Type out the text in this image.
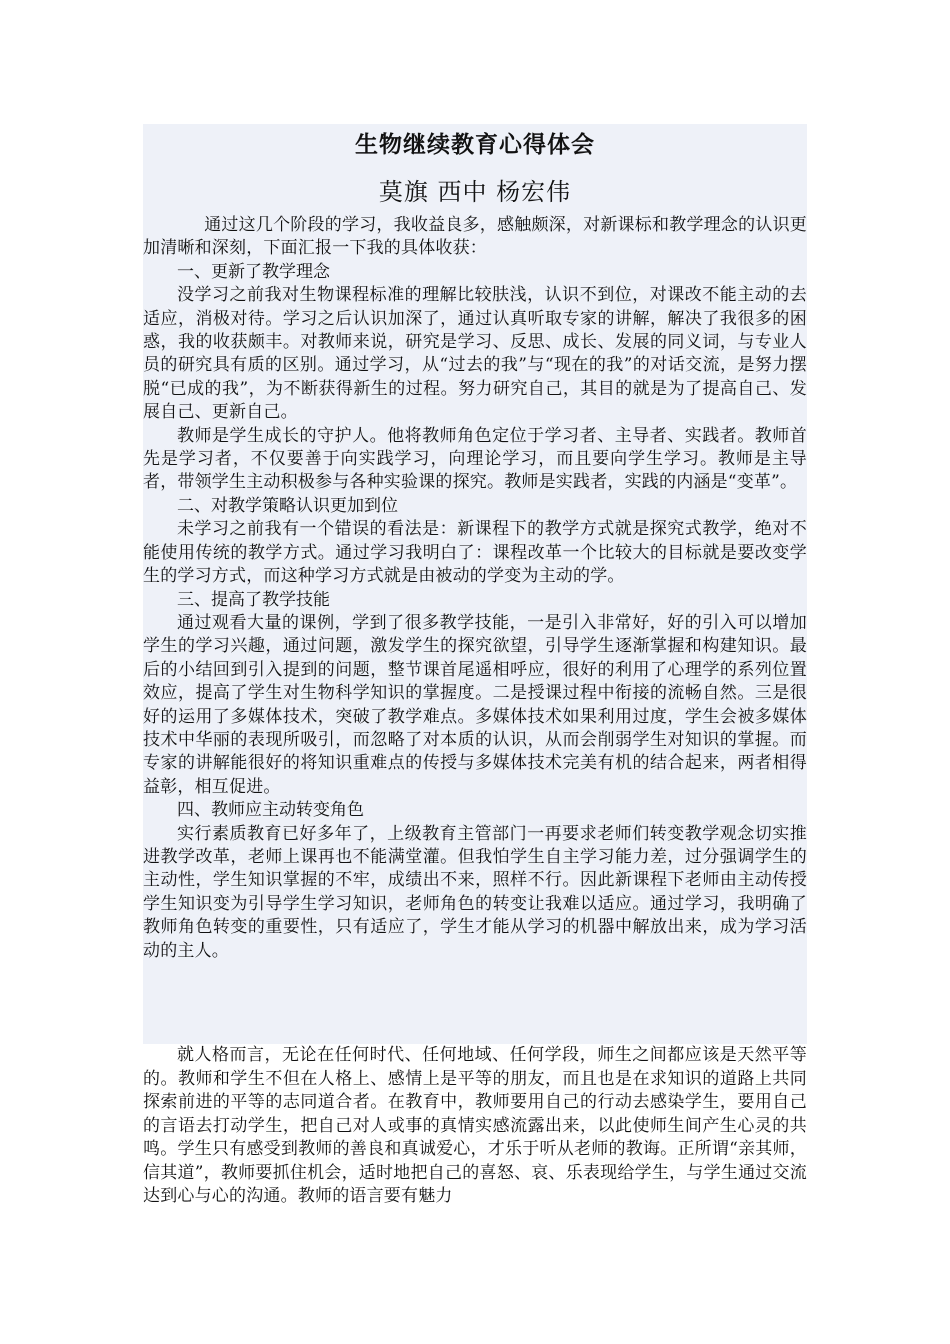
生物继续教育心得体会
莫旗 西中 杨宏伟

通过这几个阶段的学习，我收益良多，感触颇深，对新课标和教学理念的认识更加清晰和深刻，下面汇报一下我的具体收获：

一、更新了教学理念

没学习之前我对生物课程标准的理解比较肤浅，认识不到位，对课改不能主动的去适应，消极对待。学习之后认识加深了，通过认真听取专家的讲解，解决了我很多的困惑，我的收获颇丰。对教师来说，研究是学习、反思、成长、发展的同义词，与专业人员的研究具有质的区别。通过学习，从“过去的我”与“现在的我”的对话交流，是努力摆脱“已成的我”，为不断获得新生的过程。努力研究自己，其目的就是为了提高自己、发展自己、更新自己。

教师是学生成长的守护人。他将教师角色定位于学习者、主导者、实践者。教师首先是学习者，不仅要善于向实践学习，向理论学习，而且要向学生学习。教师是主导者，带领学生主动积极参与各种实验课的探究。教师是实践者，实践的内涵是“变革”。

二、对教学策略认识更加到位

未学习之前我有一个错误的看法是：新课程下的教学方式就是探究式教学，绝对不能使用传统的教学方式。通过学习我明白了：课程改革一个比较大的目标就是要改变学生的学习方式，而这种学习方式就是由被动的学变为主动的学。

三、提高了教学技能

通过观看大量的课例，学到了很多教学技能，一是引入非常好，好的引入可以增加学生的学习兴趣，通过问题，激发学生的探究欲望，引导学生逐渐掌握和构建知识。最后的小结回到引入提到的问题，整节课首尾遥相呼应，很好的利用了心理学的系列位置效应，提高了学生对生物科学知识的掌握度。二是授课过程中衔接的流畅自然。三是很好的运用了多媒体技术，突破了教学难点。多媒体技术如果利用过度，学生会被多媒体技术中华丽的表现所吸引，而忽略了对本质的认识，从而会削弱学生对知识的掌握。而专家的讲解能很好的将知识重难点的传授与多媒体技术完美有机的结合起来，两者相得益彰，相互促进。

四、教师应主动转变角色

实行素质教育已好多年了，上级教育主管部门一再要求老师们转变教学观念切实推进教学改革，老师上课再也不能满堂灌。但我怕学生自主学习能力差，过分强调学生的主动性，学生知识掌握的不牢，成绩出不来，照样不行。因此新课程下老师由主动传授学生知识变为引导学生学习知识，老师角色的转变让我难以适应。通过学习，我明确了教师角色转变的重要性，只有适应了，学生才能从学习的机器中解放出来，成为学习活动的主人。

就人格而言，无论在任何时代、任何地域、任何学段，师生之间都应该是天然平等的。教师和学生不但在人格上、感情上是平等的朋友，而且也是在求知识的道路上共同探索前进的平等的志同道合者。在教育中，教师要用自己的行动去感染学生，要用自己的言语去打动学生，把自己对人或事的真情实感流露出来，以此使师生间产生心灵的共鸣。学生只有感受到教师的善良和真诚爱心，才乐于听从老师的教诲。正所谓“亲其师，信其道”，教师要抓住机会，适时地把自己的喜怒、哀、乐表现给学生，与学生通过交流达到心与心的沟通。教师的语言要有魅力
